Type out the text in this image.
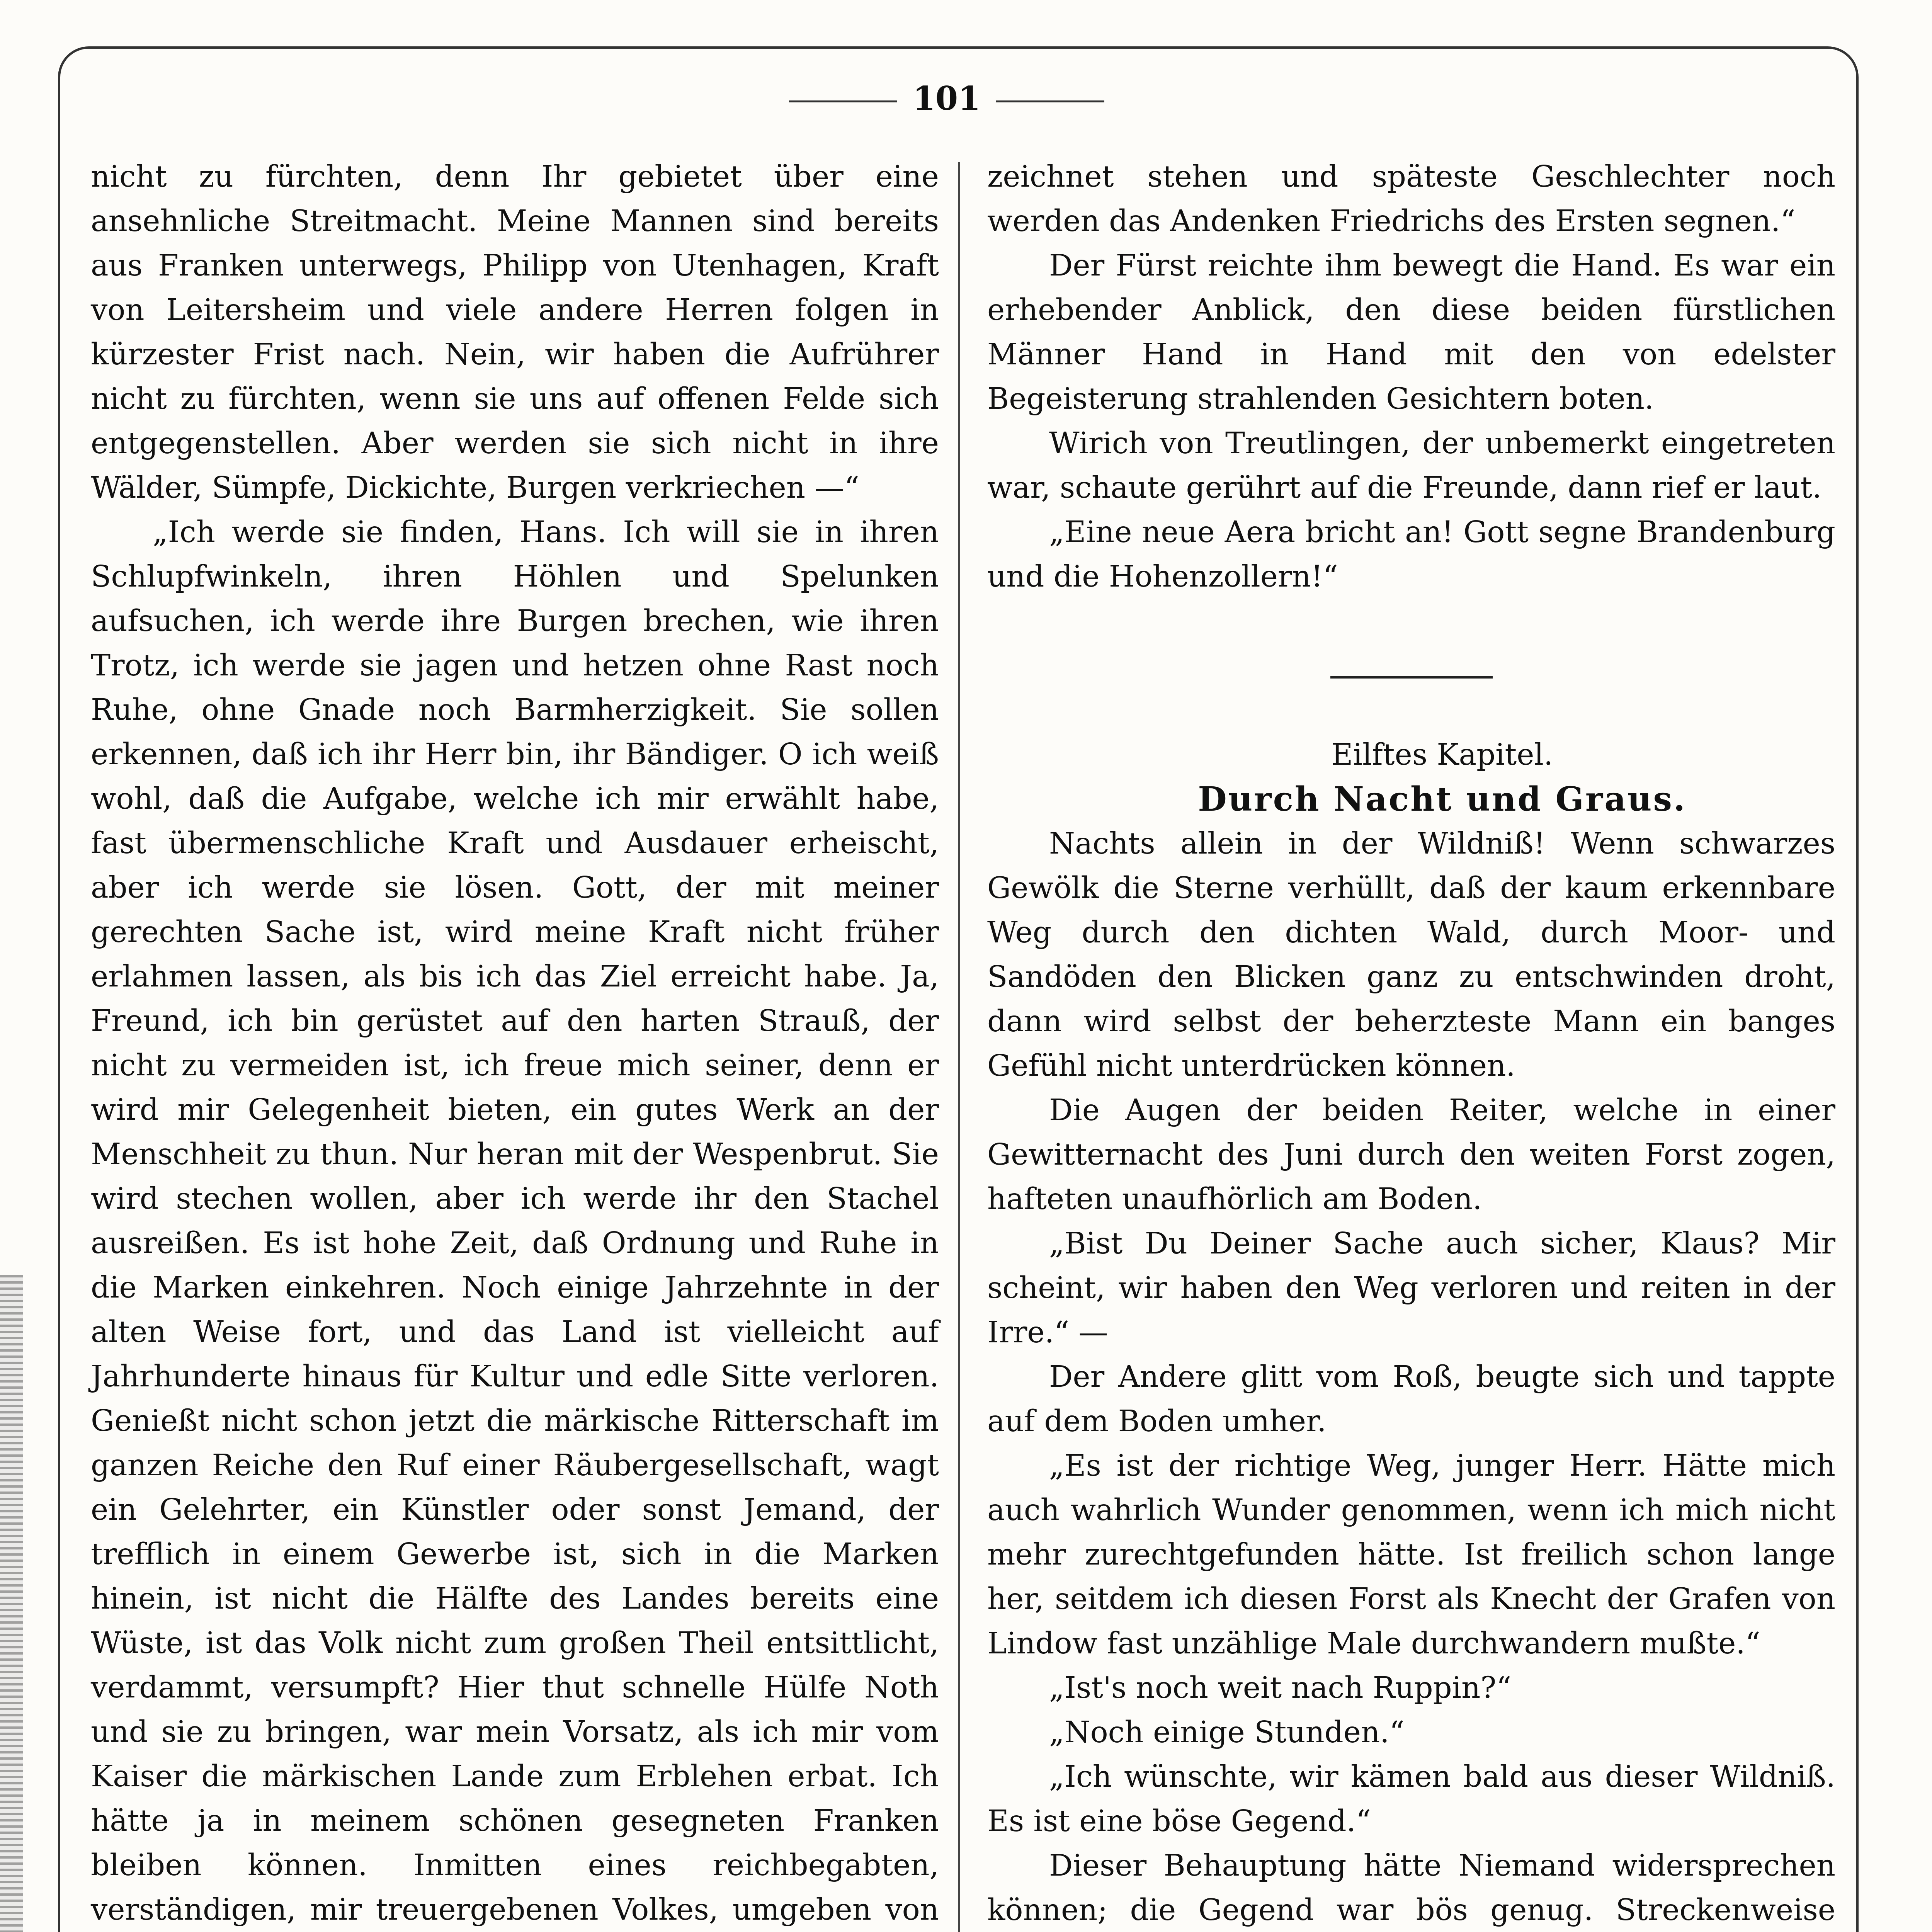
101

nicht zu fürchten, denn Ihr gebietet über eine ansehnliche Streitmacht. Meine Mannen sind bereits aus Franken unterwegs, Philipp von Utenhagen, Kraft von Leitersheim und viele andere Herren folgen in kürzester Frist nach. Nein, wir haben die Aufrührer nicht zu fürchten, wenn sie uns auf offenen Felde sich entgegenstellen. Aber werden sie sich nicht in ihre Wälder, Sümpfe, Dickichte, Burgen verkriechen —“

„Ich werde sie finden, Hans. Ich will sie in ihren Schlupfwinkeln, ihren Höhlen und Spelunken aufsuchen, ich werde ihre Burgen brechen, wie ihren Trotz, ich werde sie jagen und hetzen ohne Rast noch Ruhe, ohne Gnade noch Barmherzigkeit. Sie sollen erkennen, daß ich ihr Herr bin, ihr Bändiger. O ich weiß wohl, daß die Aufgabe, welche ich mir erwählt habe, fast übermenschliche Kraft und Ausdauer erheischt, aber ich werde sie lösen. Gott, der mit meiner gerechten Sache ist, wird meine Kraft nicht früher erlahmen lassen, als bis ich das Ziel erreicht habe. Ja, Freund, ich bin gerüstet auf den harten Strauß, der nicht zu vermeiden ist, ich freue mich seiner, denn er wird mir Gelegenheit bieten, ein gutes Werk an der Menschheit zu thun. Nur heran mit der Wespenbrut. Sie wird stechen wollen, aber ich werde ihr den Stachel ausreißen. Es ist hohe Zeit, daß Ordnung und Ruhe in die Marken einkehren. Noch einige Jahrzehnte in der alten Weise fort, und das Land ist vielleicht auf Jahrhunderte hinaus für Kultur und edle Sitte verloren. Genießt nicht schon jetzt die märkische Ritterschaft im ganzen Reiche den Ruf einer Räubergesellschaft, wagt ein Gelehrter, ein Künstler oder sonst Jemand, der trefflich in einem Gewerbe ist, sich in die Marken hinein, ist nicht die Hälfte des Landes bereits eine Wüste, ist das Volk nicht zum großen Theil entsittlicht, verdammt, versumpft? Hier thut schnelle Hülfe Noth und sie zu bringen, war mein Vorsatz, als ich mir vom Kaiser die märkischen Lande zum Erblehen erbat. Ich hätte ja in meinem schönen gesegneten Franken bleiben können. Inmitten eines reichbegabten, verständigen, mir treuergebenen Volkes, umgeben von

zeichnet stehen und späteste Geschlechter noch werden das Andenken Friedrichs des Ersten segnen.“

Der Fürst reichte ihm bewegt die Hand. Es war ein erhebender Anblick, den diese beiden fürstlichen Männer Hand in Hand mit den von edelster Begeisterung strahlenden Gesichtern boten.

Wirich von Treutlingen, der unbemerkt eingetreten war, schaute gerührt auf die Freunde, dann rief er laut.

„Eine neue Aera bricht an! Gott segne Brandenburg und die Hohenzollern!“

Eilftes Kapitel.

Durch Nacht und Graus.

Nachts allein in der Wildniß! Wenn schwarzes Gewölk die Sterne verhüllt, daß der kaum erkennbare Weg durch den dichten Wald, durch Moor- und Sandöden den Blicken ganz zu entschwinden droht, dann wird selbst der beherzteste Mann ein banges Gefühl nicht unterdrücken können.

Die Augen der beiden Reiter, welche in einer Gewitternacht des Juni durch den weiten Forst zogen, hafteten unaufhörlich am Boden.

„Bist Du Deiner Sache auch sicher, Klaus? Mir scheint, wir haben den Weg verloren und reiten in der Irre.“ —

Der Andere glitt vom Roß, beugte sich und tappte auf dem Boden umher.

„Es ist der richtige Weg, junger Herr. Hätte mich auch wahrlich Wunder genommen, wenn ich mich nicht mehr zurechtgefunden hätte. Ist freilich schon lange her, seitdem ich diesen Forst als Knecht der Grafen von Lindow fast unzählige Male durchwandern mußte.“

„Ist's noch weit nach Ruppin?“

„Noch einige Stunden.“

„Ich wünschte, wir kämen bald aus dieser Wildniß. Es ist eine böse Gegend.“

Dieser Behauptung hätte Niemand widersprechen können; die Gegend war bös genug. Streckenweise
